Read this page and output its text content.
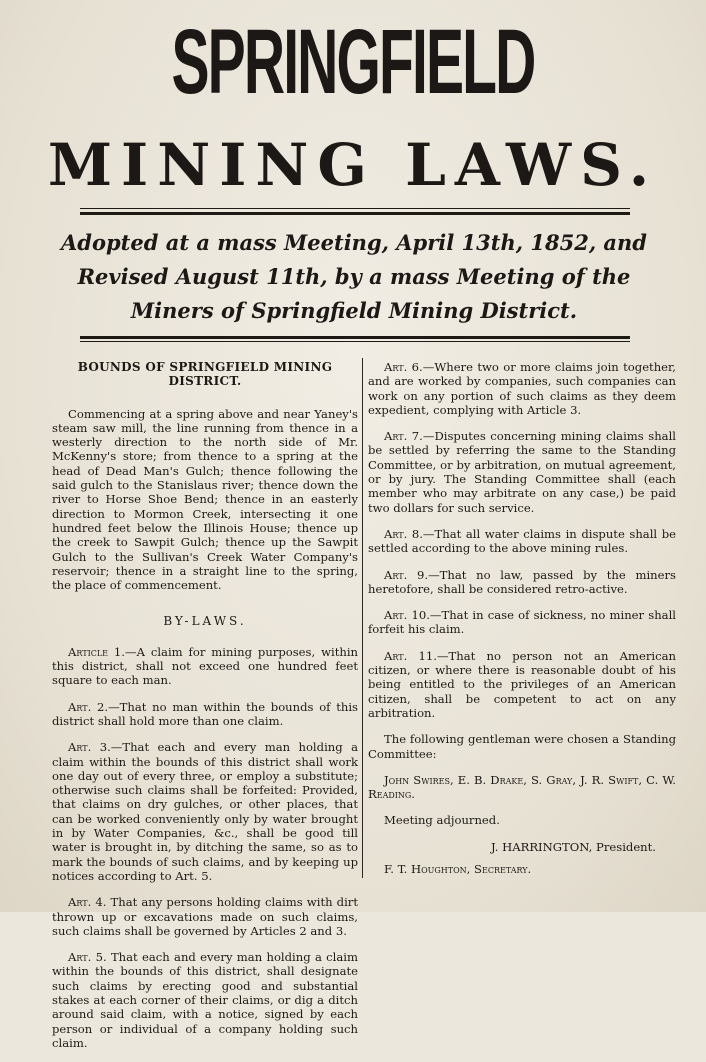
SPRINGFIELD
MINING LAWS.
Adopted at a mass Meeting, April 13th, 1852, and
Revised August 11th, by a mass Meeting of the
Miners of Springfield Mining District.
BOUNDS OF SPRINGFIELD MINING DISTRICT.

Commencing at a spring above and near Yaney's steam saw mill, the line running from thence in a westerly direction to the north side of Mr. McKenny's store; from thence to a spring at the head of Dead Man's Gulch; thence following the said gulch to the Stanislaus river; thence down the river to Horse Shoe Bend; thence in an easterly direction to Mormon Creek, intersecting it one hundred feet below the Illinois House; thence up the creek to Sawpit Gulch; thence up the Sawpit Gulch to the Sullivan's Creek Water Company's reservoir; thence in a straight line to the spring, the place of commencement.

BY-LAWS.

Article 1.—A claim for mining purposes, within this district, shall not exceed one hundred feet square to each man.

Art. 2.—That no man within the bounds of this district shall hold more than one claim.

Art. 3.—That each and every man holding a claim within the bounds of this district shall work one day out of every three, or employ a substitute; otherwise such claims shall be forfeited: Provided, that claims on dry gulches, or other places, that can be worked conveniently only by water brought in by Water Companies, &c., shall be good till water is brought in, by ditching the same, so as to mark the bounds of such claims, and by keeping up notices according to Art. 5.

Art. 4. That any persons holding claims with dirt thrown up or excavations made on such claims, such claims shall be governed by Articles 2 and 3.

Art. 5. That each and every man holding a claim within the bounds of this district, shall designate such claims by erecting good and substantial stakes at each corner of their claims, or dig a ditch around said claim, with a notice, signed by each person or individual of a company holding such claim.

Art. 6.—Where two or more claims join together, and are worked by companies, such companies can work on any portion of such claims as they deem expedient, complying with Article 3.

Art. 7.—Disputes concerning mining claims shall be settled by referring the same to the Standing Committee, or by arbitration, on mutual agreement, or by jury. The Standing Committee shall (each member who may arbitrate on any case,) be paid two dollars for such service.

Art. 8.—That all water claims in dispute shall be settled according to the above mining rules.

Art. 9.—That no law, passed by the miners heretofore, shall be considered retro-active.

Art. 10.—That in case of sickness, no miner shall forfeit his claim.

Art. 11.—That no person not an American citizen, or where there is reasonable doubt of his being entitled to the privileges of an American citizen, shall be competent to act on any arbitration.

The following gentleman were chosen a Standing Committee:

John Swires, E. B. Drake, S. Gray, J. R. Swift, C. W. Reading.

Meeting adjourned.

J. HARRINGTON, President.

F. T. Houghton, Secretary.
